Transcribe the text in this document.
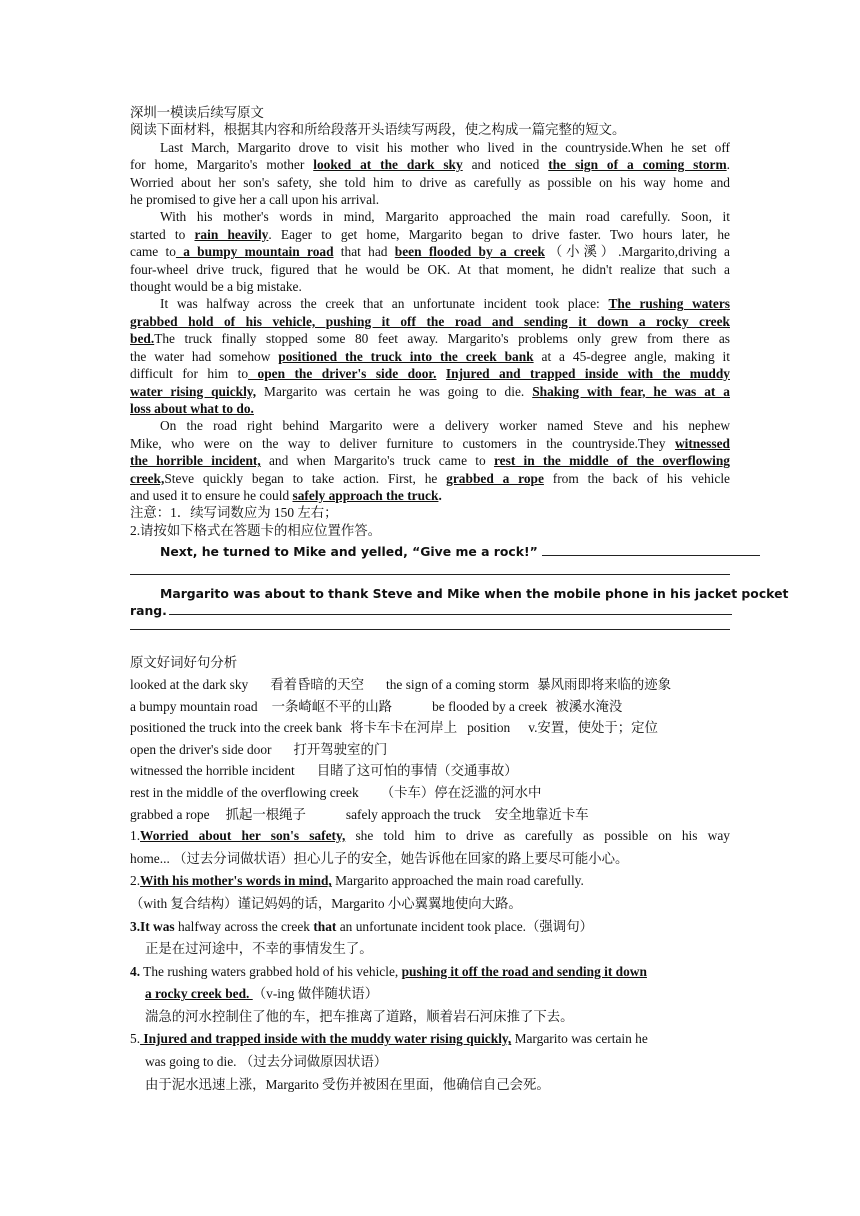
深圳一模读后续写原文
阅读下面材料，根据其内容和所给段落开头语续写两段，使之构成一篇完整的短文。
Last March, Margarito drove to visit his mother who lived in the countryside.When he set off
for home, Margarito's mother looked at the dark sky and noticed the sign of a coming storm.
Worried about her son's safety, she told him to drive as carefully as possible on his way home and
he promised to give her a call upon his arrival.
With his mother's words in mind, Margarito approached the main road carefully. Soon, it
started to rain heavily. Eager to get home, Margarito began to drive faster. Two hours later, he
came to a bumpy mountain road that had been flooded by a creek（小溪）.Margarito,driving a
four-wheel drive truck, figured that he would be OK. At that moment, he didn't realize that such a
thought would be a big mistake.
It was halfway across the creek that an unfortunate incident took place: The rushing waters
grabbed hold of his vehicle, pushing it off the road and sending it down a rocky creek
bed.The truck finally stopped some 80 feet away. Margarito's problems only grew from there as
the water had somehow positioned the truck into the creek bank at a 45-degree angle, making it
difficult for him to open the driver's side door. Injured and trapped inside with the muddy
water rising quickly, Margarito was certain he was going to die. Shaking with fear, he was at a
loss about what to do.
On the road right behind Margarito were a delivery worker named Steve and his nephew
Mike, who were on the way to deliver furniture to customers in the countryside.They witnessed
the horrible incident, and when Margarito's truck came to rest in the middle of the overflowing
creek,Steve quickly began to take action. First, he grabbed a rope from the back of his vehicle
and used it to ensure he could safely approach the truck.
注意：1．续写词数应为 150 左右；
2.请按如下格式在答题卡的相应位置作答。
Next, he turned to Mike and yelled, “Give me a rock!”
Margarito was about to thank Steve and Mike when the mobile phone in his jacket pocket
rang.
原文好词好句分析
looked at the dark sky 看着昏暗的天空 the sign of a coming storm 暴风雨即将来临的迹象
a bumpy mountain road 一条崎岖不平的山路	be flooded by a creek 被溪水淹没
positioned the truck into the creek bank 将卡车卡在河岸上 position v.安置，使处于；定位
open the driver's side door 打开驾驶室的门
witnessed the horrible incident 目睹了这可怕的事情（交通事故）
rest in the middle of the overflowing creek （卡车）停在泛滥的河水中
grabbed a rope 抓起一根绳子	safely approach the truck 安全地靠近卡车
1.Worried about her son's safety, she told him to drive as carefully as possible on his way
home... （过去分词做状语）担心儿子的安全，她告诉他在回家的路上要尽可能小心。
2.With his mother's words in mind, Margarito approached the main road carefully.
（with 复合结构）谨记妈妈的话，Margarito 小心翼翼地使向大路。
3.It was halfway across the creek that an unfortunate incident took place.（强调句）
正是在过河途中，不幸的事情发生了。
4. The rushing waters grabbed hold of his vehicle, pushing it off the road and sending it down
a rocky creek bed. （v-ing 做伴随状语）
湍急的河水控制住了他的车，把车推离了道路，顺着岩石河床推了下去。
5. Injured and trapped inside with the muddy water rising quickly, Margarito was certain he
was going to die. （过去分词做原因状语）
由于泥水迅速上涨，Margarito 受伤并被困在里面，他确信自己会死。
